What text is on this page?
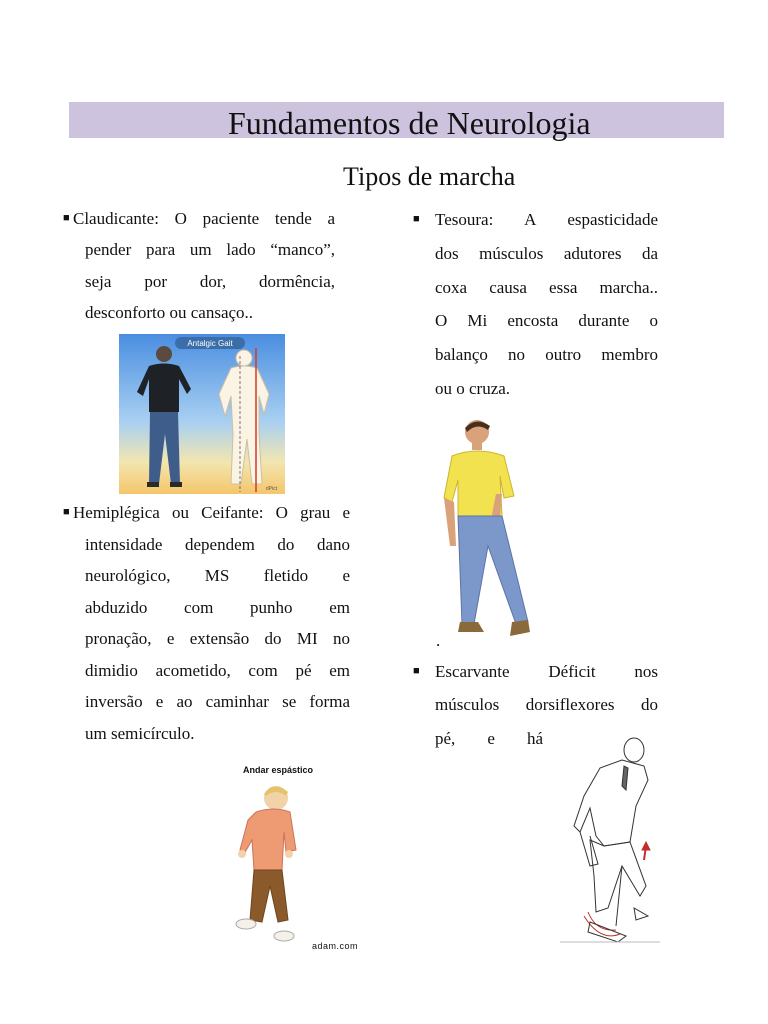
Fundamentos de Neurologia
Tipos de marcha
■ Claudicante: O paciente tende a
pender para um lado “manco”,
seja por dor, dormência,
desconforto ou cansaço..
Antalgic Gait
dPict
■ Hemiplégica ou Ceifante: O grau e
intensidade dependem do dano
neurológico, MS fletido e
abduzido com punho em
pronação, e extensão do MI no
dimidio acometido, com pé em
inversão e ao caminhar se forma
um semicírculo.
Andar espástico
adam.com
■ Tesoura: A espasticidade
dos músculos adutores da
coxa causa essa marcha..
O Mi encosta durante o
balanço no outro membro
ou o cruza.
.
■ Escarvante Déficit nos
músculos dorsiflexores do
pé, e há
